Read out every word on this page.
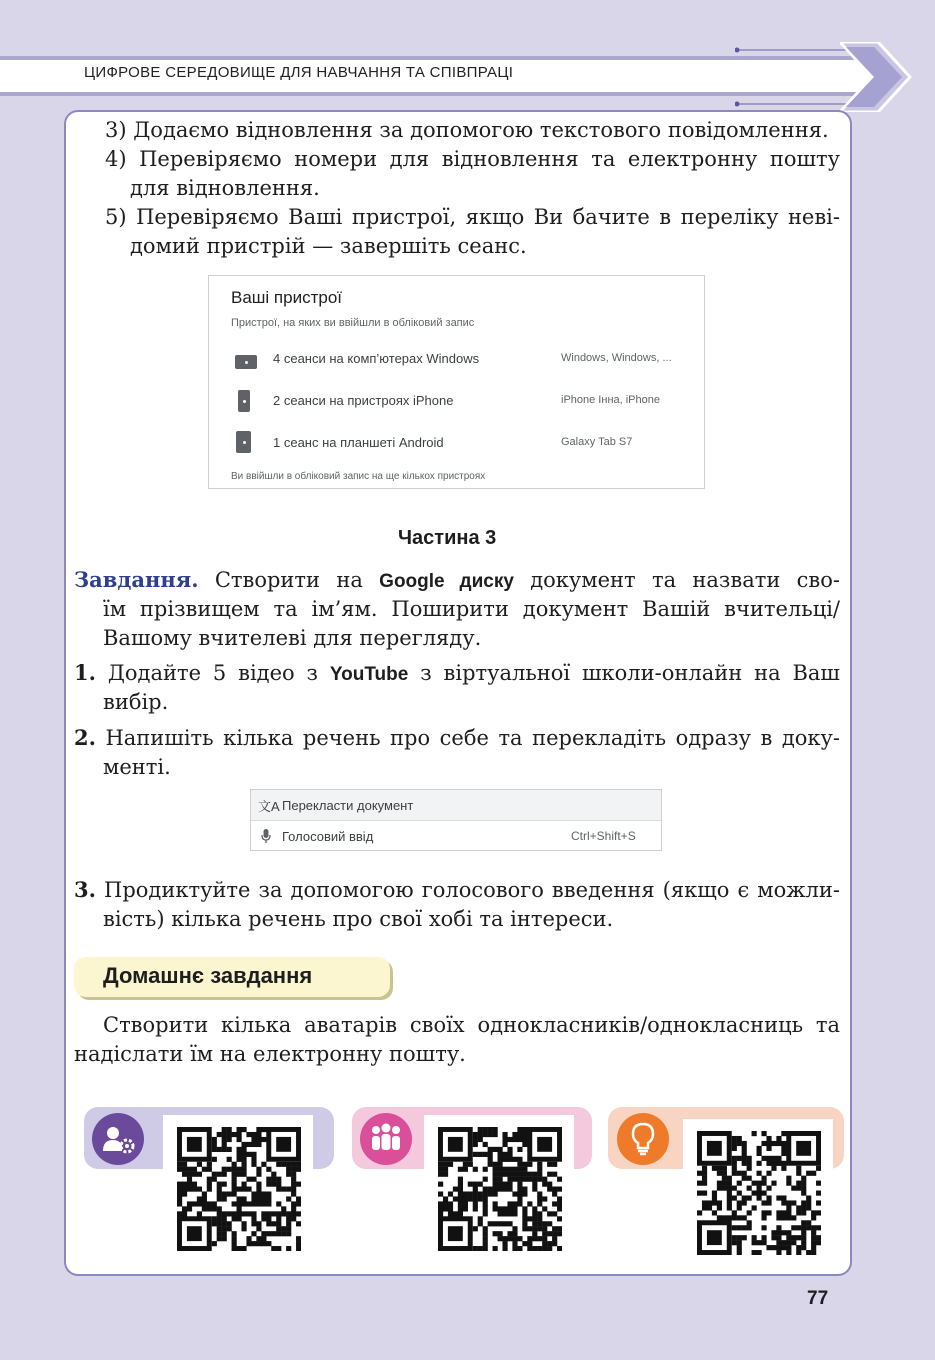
ЦИФРОВЕ СЕРЕДОВИЩЕ ДЛЯ НАВЧАННЯ ТА СПІВПРАЦІ
3) Додаємо відновлення за допомогою текстового повідомлення.
4) Перевіряємо номери для відновлення та електронну пошту
для відновлення.
5) Перевіряємо Ваші пристрої, якщо Ви бачите в переліку неві-
домий пристрій — завершіть сеанс.
Ваші пристрої
Пристрої, на яких ви ввійшли в обліковий запис
4 сеанси на комп’ютерах Windows	Windows, Windows, ...
2 сеанси на пристроях iPhone	iPhone Інна, iPhone
1 сеанс на планшеті Android	Galaxy Tab S7
Ви ввійшли в обліковий запис на ще кількох пристроях
Частина 3
Завдання. Створити на Google диску документ та назвати сво-
їм прізвищем та ім’ям. Поширити документ Вашій вчительці/
Вашому вчителеві для перегляду.
1. Додайте 5 відео з YouTube з віртуальної школи-онлайн на Ваш
вибір.
2. Напишіть кілька речень про себе та перекладіть одразу в доку-
менті.
文A Перекласти документ
Голосовий ввід	Ctrl+Shift+S
3. Продиктуйте за допомогою голосового введення (якщо є можли-
вість) кілька речень про свої хобі та інтереси.
Домашнє завдання
Створити кілька аватарів своїх однокласників/однокласниць та
надіслати їм на електронну пошту.
77
